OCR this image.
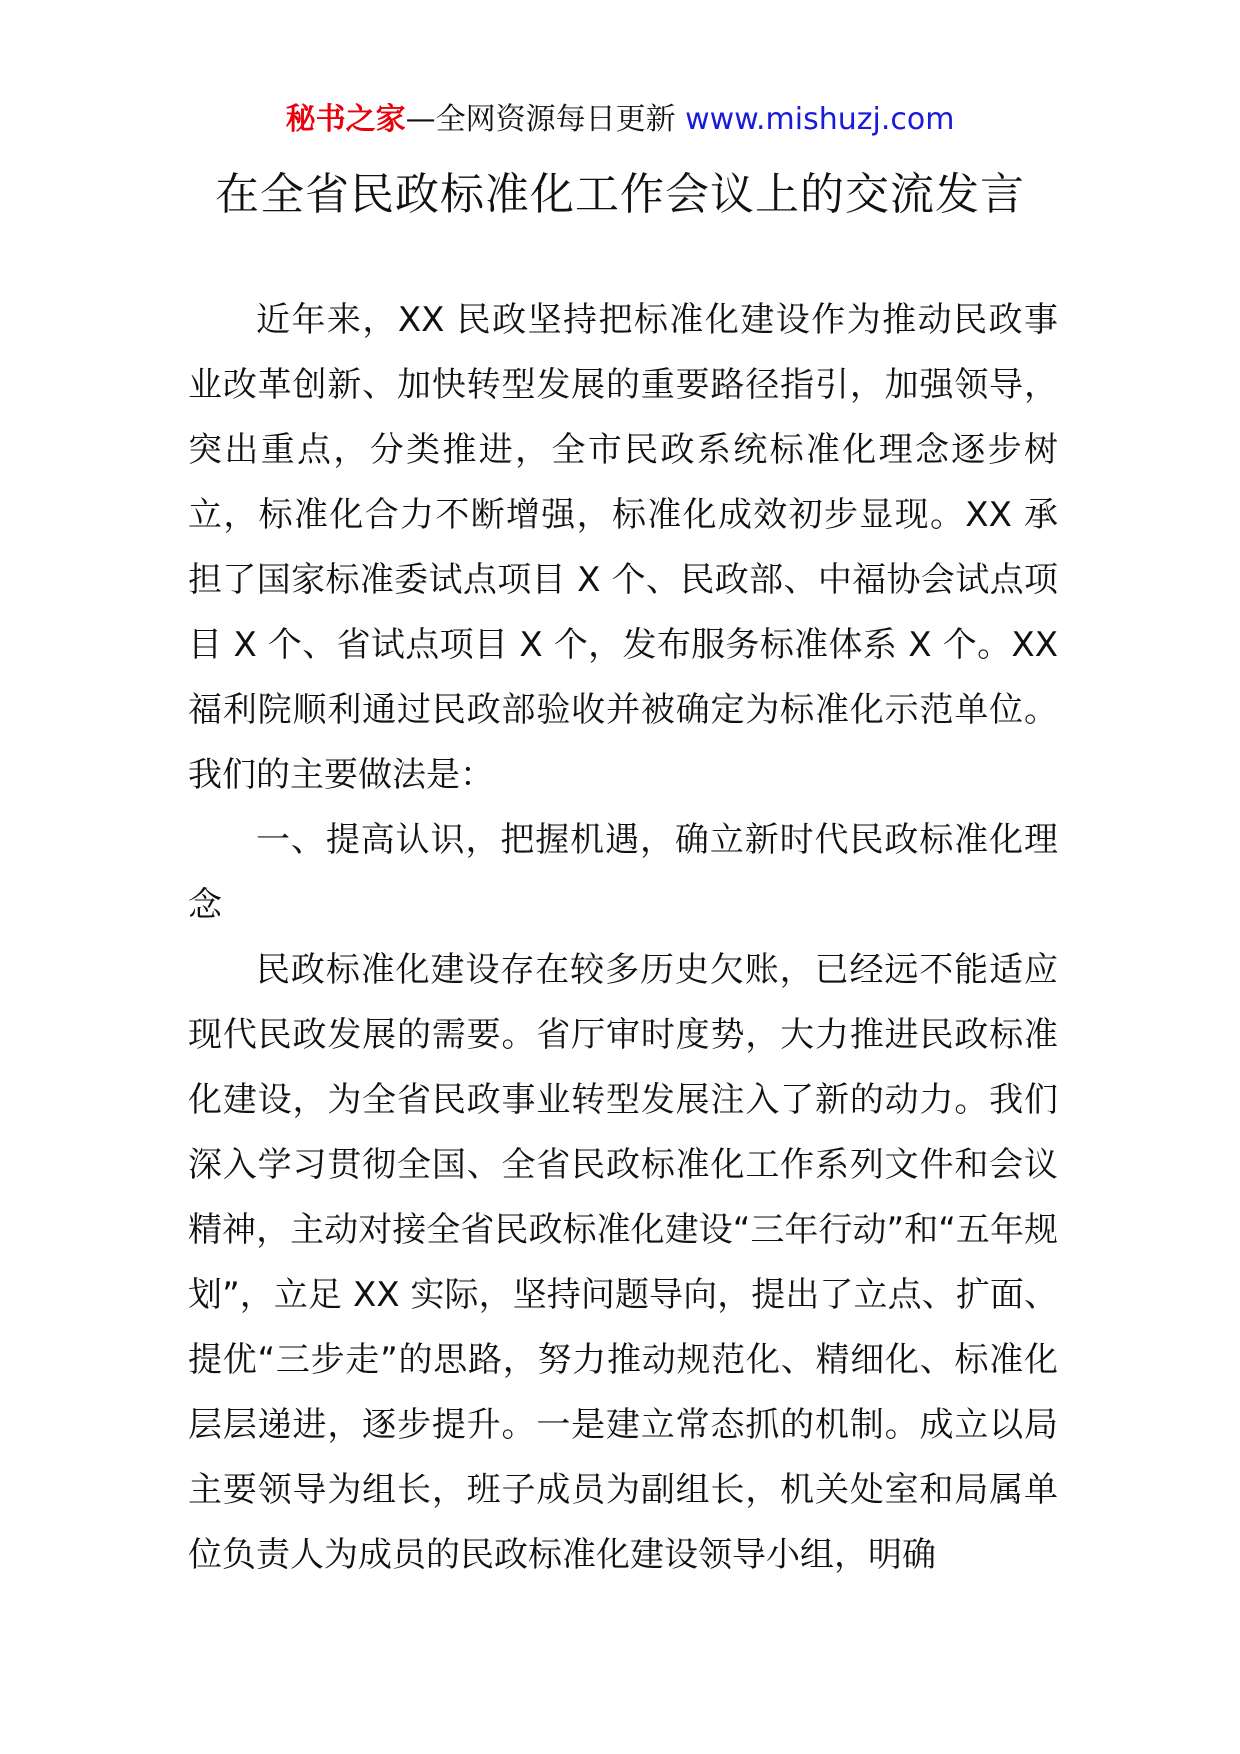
秘书之家—全网资源每日更新 www.mishuzj.com
在全省民政标准化工作会议上的交流发言

近年来，XX 民政坚持把标准化建设作为推动民政事业改革创新、加快转型发展的重要路径指引，加强领导，突出重点，分类推进，全市民政系统标准化理念逐步树立，标准化合力不断增强，标准化成效初步显现。XX 承担了国家标准委试点项目 X 个、民政部、中福协会试点项目 X 个、省试点项目 X 个，发布服务标准体系 X 个。XX 福利院顺利通过民政部验收并被确定为标准化示范单位。我们的主要做法是：

一、提高认识，把握机遇，确立新时代民政标准化理念

民政标准化建设存在较多历史欠账，已经远不能适应现代民政发展的需要。省厅审时度势，大力推进民政标准化建设，为全省民政事业转型发展注入了新的动力。我们深入学习贯彻全国、全省民政标准化工作系列文件和会议精神，主动对接全省民政标准化建设“三年行动”和“五年规划”，立足 XX 实际，坚持问题导向，提出了立点、扩面、提优“三步走”的思路，努力推动规范化、精细化、标准化层层递进，逐步提升。一是建立常态抓的机制。成立以局主要领导为组长，班子成员为副组长，机关处室和局属单位负责人为成员的民政标准化建设领导小组，明确
